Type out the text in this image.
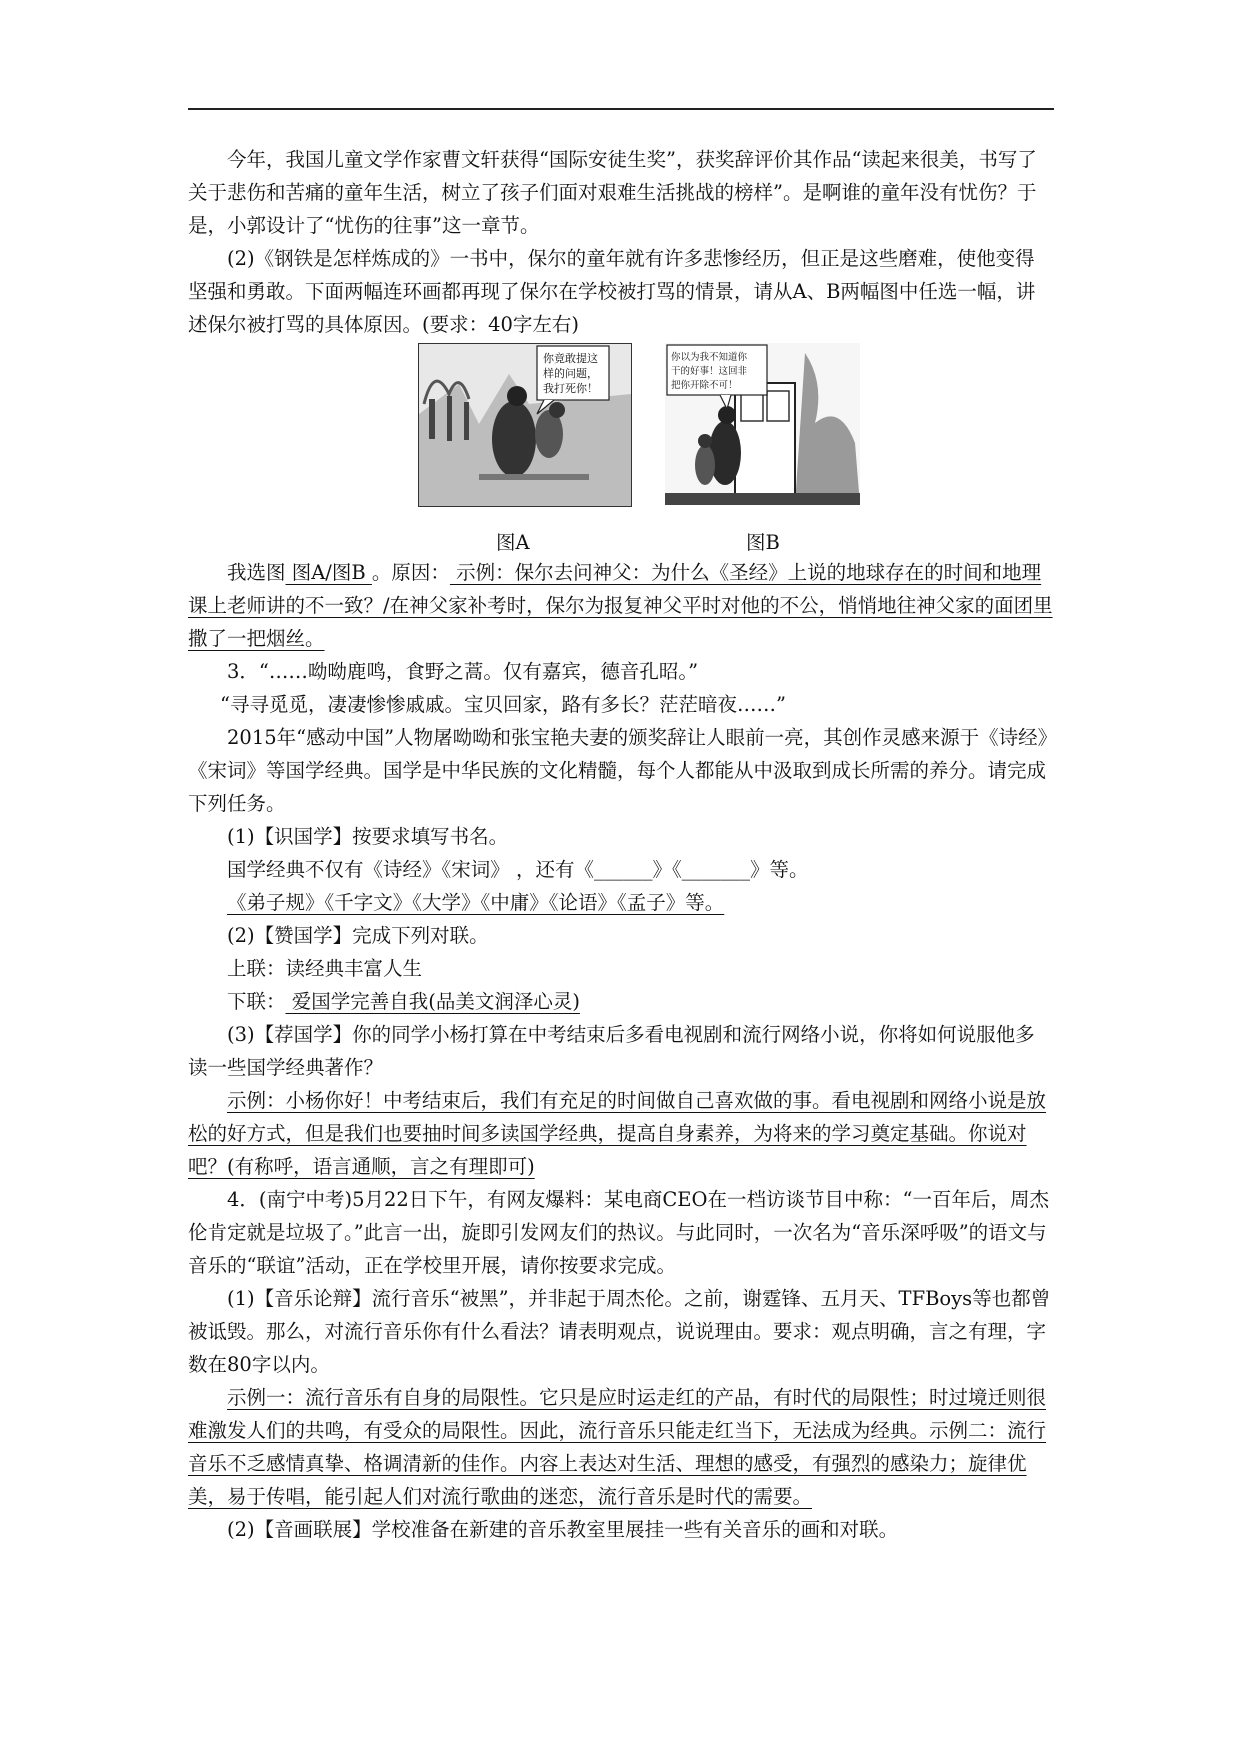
今年，我国儿童文学作家曹文轩获得“国际安徒生奖”，获奖辞评价其作品“读起来很美，书写了关于悲伤和苦痛的童年生活，树立了孩子们面对艰难生活挑战的榜样”。是啊谁的童年没有忧伤？于是，小郭设计了“忧伤的往事”这一章节。

(2)《钢铁是怎样炼成的》一书中，保尔的童年就有许多悲惨经历，但正是这些磨难，使他变得坚强和勇敢。下面两幅连环画都再现了保尔在学校被打骂的情景，请从A、B两幅图中任选一幅，讲述保尔被打骂的具体原因。(要求：40字左右)

你竟敢提这
样的问题，
我打死你！
你以为我不知道你
干的好事！这回非
把你开除不可！
图A	图B

我选图 图A/图B 。原因： 示例：保尔去问神父：为什么《圣经》上说的地球存在的时间和地理课上老师讲的不一致？/在神父家补考时，保尔为报复神父平时对他的不公，悄悄地往神父家的面团里撒了一把烟丝。

3．“……呦呦鹿鸣，食野之蒿。仅有嘉宾，德音孔昭。”

“寻寻觅觅，凄凄惨惨戚戚。宝贝回家，路有多长？茫茫暗夜……”

2015年“感动中国”人物屠呦呦和张宝艳夫妻的颁奖辞让人眼前一亮，其创作灵感来源于《诗经》《宋词》等国学经典。国学是中华民族的文化精髓，每个人都能从中汲取到成长所需的养分。请完成下列任务。

(1)【识国学】按要求填写书名。

国学经典不仅有《诗经》《宋词》 ，还有《______》《_______》等。

《弟子规》《千字文》《大学》《中庸》《论语》《孟子》等。

(2)【赞国学】完成下列对联。

上联：读经典丰富人生

下联： 爱国学完善自我(品美文润泽心灵)

(3)【荐国学】你的同学小杨打算在中考结束后多看电视剧和流行网络小说，你将如何说服他多读一些国学经典著作？

示例：小杨你好！中考结束后，我们有充足的时间做自己喜欢做的事。看电视剧和网络小说是放松的好方式，但是我们也要抽时间多读国学经典，提高自身素养，为将来的学习奠定基础。你说对吧？(有称呼，语言通顺，言之有理即可)

4．(南宁中考)5月22日下午，有网友爆料：某电商CEO在一档访谈节目中称：“一百年后，周杰伦肯定就是垃圾了。”此言一出，旋即引发网友们的热议。与此同时，一次名为“音乐深呼吸”的语文与音乐的“联谊”活动，正在学校里开展，请你按要求完成。

(1)【音乐论辩】流行音乐“被黑”，并非起于周杰伦。之前，谢霆锋、五月天、TFBoys等也都曾被诋毁。那么，对流行音乐你有什么看法？请表明观点，说说理由。要求：观点明确，言之有理，字数在80字以内。

示例一：流行音乐有自身的局限性。它只是应时运走红的产品，有时代的局限性；时过境迁则很难激发人们的共鸣，有受众的局限性。因此，流行音乐只能走红当下，无法成为经典。示例二：流行音乐不乏感情真挚、格调清新的佳作。内容上表达对生活、理想的感受，有强烈的感染力；旋律优美，易于传唱，能引起人们对流行歌曲的迷恋，流行音乐是时代的需要。

(2)【音画联展】学校准备在新建的音乐教室里展挂一些有关音乐的画和对联。
